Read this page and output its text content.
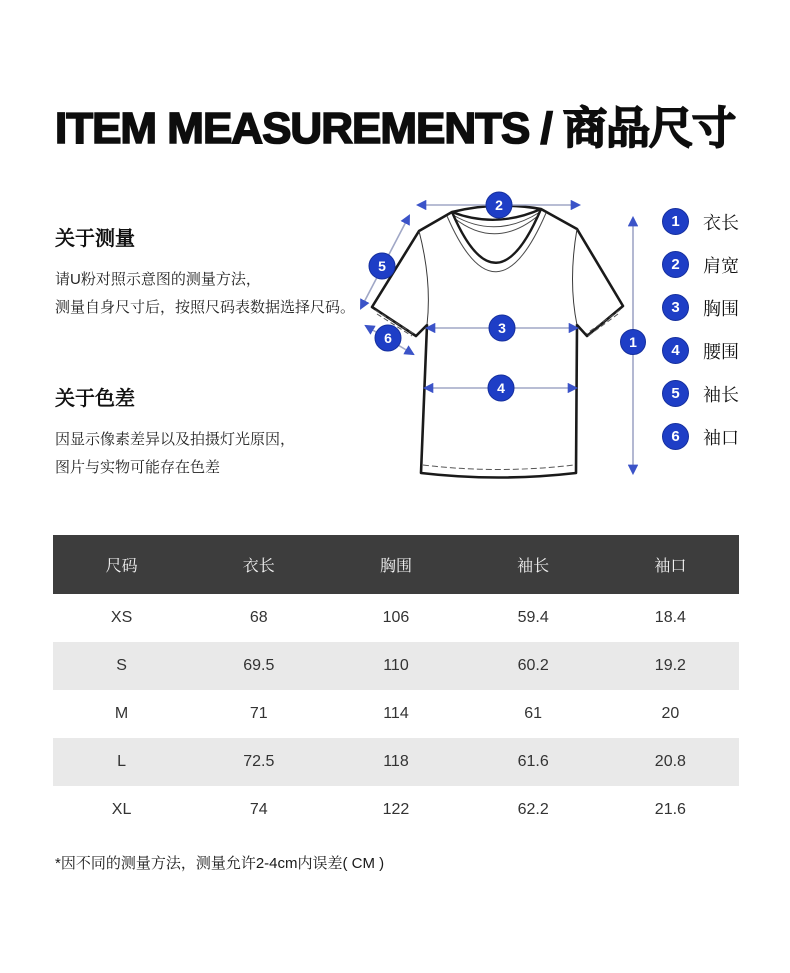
ITEM MEASUREMENTS / 商品尺寸
关于测量

请U粉对照示意图的测量方法，

测量自身尺寸后，按照尺码表数据选择尺码。

关于色差

因显示像素差异以及拍摄灯光原因，

图片与实物可能存在色差

2
1
3
4
5
6
1	衣长
2	肩宽
3	胸围
4	腰围
5	袖长
6	袖口
尺码	衣长	胸围	袖长	袖口
XS	68	106	59.4	18.4
S	69.5	110	60.2	19.2
M	71	114	61	20
L	72.5	118	61.6	20.8
XL	74	122	62.2	21.6

*因不同的测量方法，测量允许2-4cm内误差( CM )
